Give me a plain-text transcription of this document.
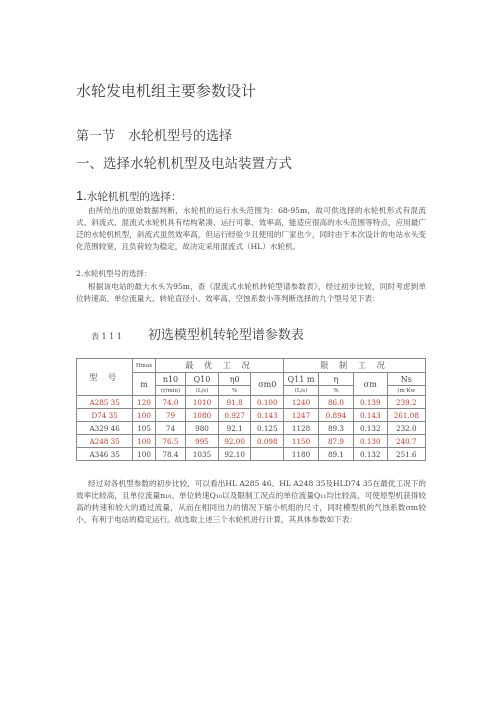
水轮发电机组主要参数设计
第一节　水轮机型号的选择
一、选择水轮机机型及电站装置方式
1.水轮机机型的选择：
由所给出的原始数据判断，水轮机的运行水头范围为：68-95m，故可供选择的水轮机形式有混流式、斜流式、混流式水轮机具有结构紧凑、运行可靠、效率高，能适应很高的水头范围等特点，应用最广泛的水轮机机型，斜流式虽然效率高，但运行经验少且使用的厂家也少，同时由于本次设计的电站水头变化范围较宽，且负荷较为稳定，故决定采用混流式（HL）水轮机。
2.水轮机型号的选择：
根据该电站的最大水头为95m，查《混流式水轮机转轮型谱参数表》，经过初步比较，同时考虑到单位转速高、单位流量大、转轮直径小、效率高、空蚀系数小等判断选择的九个型号见下表：
表 1 1 1 初选模型机转轮型谱参数表
型 号	Hmax	最 优 工 况				限 制 工 况			
	m	n10	Q10	η0	σm0	Q11 m	η	σm	Ns
		(r/min)	(L/s)	%		(L/s)	%		(m·Kw
A285 35	120	74.0	1010	91.8	0.100	1240	86.0	0.139	239.2
D74 35	100	79	1080	0.927	0.143	1247	0.894	0.143	261.08
A329 46	105	74	980	92.1	0.125	1128	89.3	0.132	232.0
A248 35	100	76.5	995	92.00	0.098	1150	87.9	0.130	240.7
A346 35	100	78.4	1035	92.10		1180	89.1	0.132	251.6
经过对各机型参数的初步比较，可以看出HL A285 46、HL A248 35及HLD74 35在最优工况下的效率比较高，且单位流量n₁₀、单位转速Q₁₀以及限制工况点的单位流量Q₁₁均比较高，可使原型机获得较高的转速和较大的通过流量，从而在相同出力的情况下缩小机组的尺寸，同时模型机的气蚀系数σm较小，有利于电站的稳定运行。故选取上述三个水轮机进行计算，其具体参数如下表：
